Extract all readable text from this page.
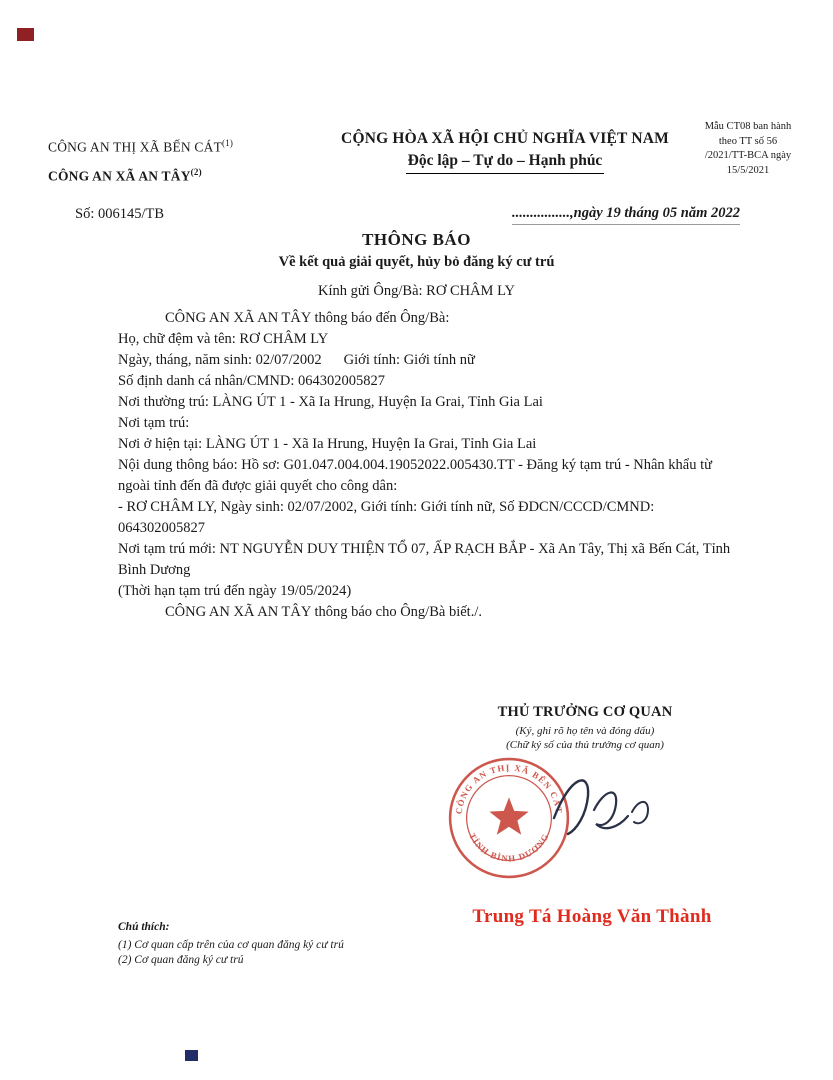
CÔNG AN THỊ XÃ BẾN CÁT$^{(1)}$
CÔNG AN XÃ AN TÂY$^{(2)}$
CỘNG HÒA XÃ HỘI CHỦ NGHĨA VIỆT NAM
Độc lập – Tự do – Hạnh phúc
Mẫu CT08 ban hành
theo TT số 56
/2021/TT-BCA ngày
15/5/2021
Số: 006145/TB	................,ngày 19 tháng 05 năm 2022
THÔNG BÁO
Về kết quả giải quyết, hủy bỏ đăng ký cư trú
Kính gửi Ông/Bà: RƠ CHÂM LY

CÔNG AN XÃ AN TÂY thông báo đến Ông/Bà:

Họ, chữ đệm và tên: RƠ CHÂM LY

Ngày, tháng, năm sinh: 02/07/2002 Giới tính: Giới tính nữ

Số định danh cá nhân/CMND: 064302005827

Nơi thường trú: LÀNG ÚT 1 - Xã Ia Hrung, Huyện Ia Grai, Tỉnh Gia Lai

Nơi tạm trú:

Nơi ở hiện tại: LÀNG ÚT 1 - Xã Ia Hrung, Huyện Ia Grai, Tỉnh Gia Lai

Nội dung thông báo: Hồ sơ: G01.047.004.004.19052022.005430.TT - Đăng ký tạm trú - Nhân khẩu từ ngoài tỉnh đến đã được giải quyết cho công dân:

- RƠ CHÂM LY, Ngày sinh: 02/07/2002, Giới tính: Giới tính nữ, Số ĐDCN/CCCD/CMND: 064302005827

Nơi tạm trú mới: NT NGUYỄN DUY THIỆN TỔ 07, ẤP RẠCH BẮP - Xã An Tây, Thị xã Bến Cát, Tỉnh Bình Dương

(Thời hạn tạm trú đến ngày 19/05/2024)

CÔNG AN XÃ AN TÂY thông báo cho Ông/Bà biết./.

THỦ TRƯỞNG CƠ QUAN
(Ký, ghi rõ họ tên và đóng dấu)
(Chữ ký số của thủ trưởng cơ quan)
CÔNG AN THỊ XÃ BẾN CÁT
TỈNH BÌNH DƯƠNG
Trung Tá Hoàng Văn Thành
Chú thích:
(1) Cơ quan cấp trên của cơ quan đăng ký cư trú
(2) Cơ quan đăng ký cư trú
